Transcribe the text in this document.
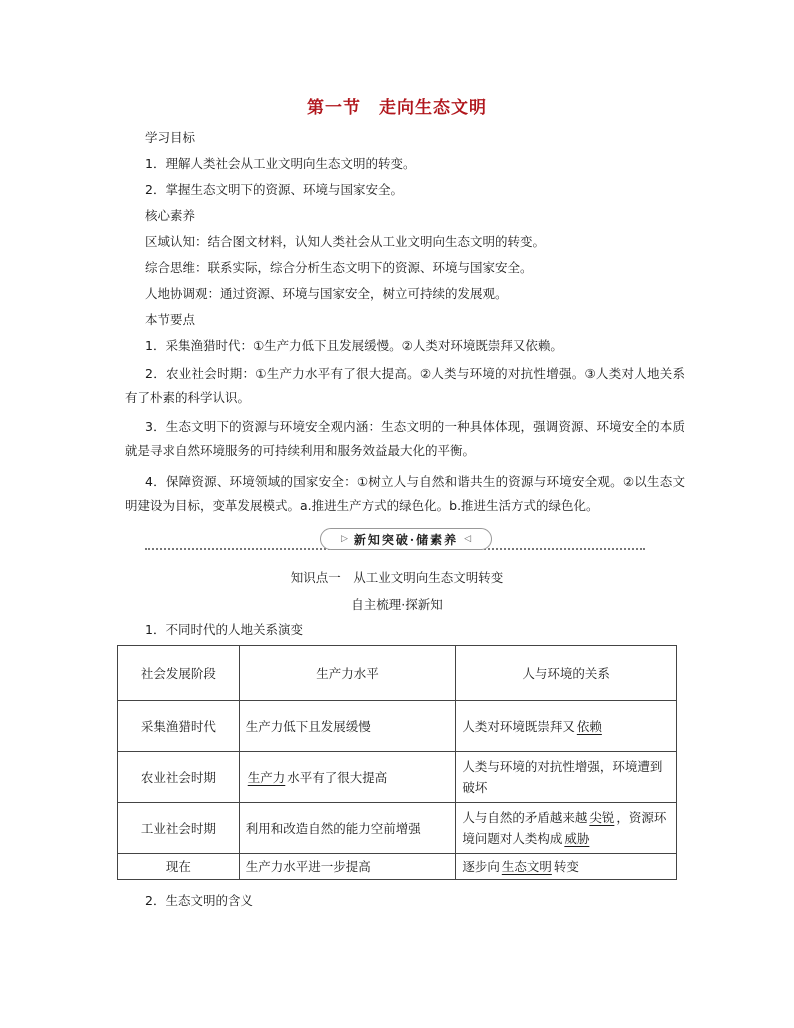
第一节 走向生态文明
学习目标
1．理解人类社会从工业文明向生态文明的转变。
2．掌握生态文明下的资源、环境与国家安全。
核心素养
区域认知：结合图文材料，认知人类社会从工业文明向生态文明的转变。
综合思维：联系实际，综合分析生态文明下的资源、环境与国家安全。
人地协调观：通过资源、环境与国家安全，树立可持续的发展观。
本节要点
1．采集渔猎时代：①生产力低下且发展缓慢。②人类对环境既崇拜又依赖。
2．农业社会时期：①生产力水平有了很大提高。②人类与环境的对抗性增强。③人类对人地关系有了朴素的科学认识。
3．生态文明下的资源与环境安全观内涵：生态文明的一种具体体现，强调资源、环境安全的本质就是寻求自然环境服务的可持续利用和服务效益最大化的平衡。
4．保障资源、环境领域的国家安全：①树立人与自然和谐共生的资源与环境安全观。②以生态文明建设为目标，变革发展模式。a.推进生产方式的绿色化。b.推进生活方式的绿色化。
▷ 新知突破·储素养 ◁
知识点一　从工业文明向生态文明转变
自主梳理·探新知
1．不同时代的人地关系演变
社会发展阶段	生产力水平	人与环境的关系
采集渔猎时代	生产力低下且发展缓慢	人类对环境既崇拜又 依赖
农业社会时期	生产力 水平有了很大提高	人类与环境的对抗性增强，环境遭到破坏
工业社会时期	利用和改造自然的能力空前增强	人与自然的矛盾越来越 尖锐 ，资源环境问题对人类构成 威胁
现在	生产力水平进一步提高	逐步向 生态文明 转变
2．生态文明的含义
